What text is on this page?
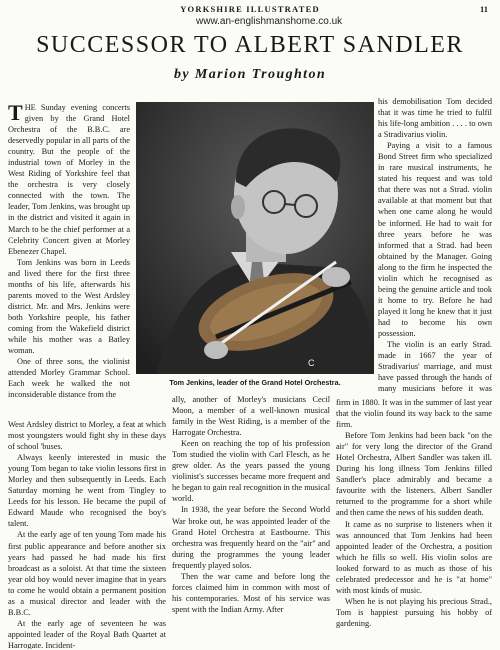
YORKSHIRE ILLUSTRATED	11
www.an-englishmanshome.co.uk
SUCCESSOR TO ALBERT SANDLER
by Marion Troughton

THE Sunday evening concerts given by the Grand Hotel Orchestra of the B.B.C. are deservedly popular in all parts of the country. But the people of the industrial town of Morley in the West Riding of Yorkshire feel that the orchestra is very closely connected with the town. The leader, Tom Jenkins, was brought up in the district and visited it again in March to be the chief performer at a Celebrity Concert given at Morley Ebenezer Chapel.

Tom Jenkins was born in Leeds and lived there for the first three months of his life, afterwards his parents moved to the West Ardsley district. Mr. and Mrs. Jenkins were both Yorkshire people, his father coming from the Wakefield district while his mother was a Batley woman.

One of three sons, the violinist attended Morley Grammar School. Each week he walked the not inconsiderable distance from the

West Ardsley district to Morley, a feat at which most youngsters would fight shy in these days of school 'buses.

Always keenly interested in music the young Tom began to take violin lessons first in Morley and then subsequently in Leeds. Each Saturday morning he went from Tingley to Leeds for his lesson. He became the pupil of Edward Maude who recognised the boy's talent.

At the early age of ten young Tom made his first public appearance and before another six years had passed he had made his first broadcast as a soloist. At that time the sixteen year old boy would never imagine that in years to come he would obtain a permanent position as a musical director and leader with the B.B.C.

At the early age of seventeen he was appointed leader of the Royal Bath Quartet at Harrogate. Incident-

C
Tom Jenkins, leader of the Grand Hotel Orchestra.

ally, another of Morley's musicians Cecil Moon, a member of a well-known musical family in the West Riding, is a member of the Harrogate Orchestra.

Keen on reaching the top of his profession Tom studied the violin with Carl Flesch, as he grew older. As the years passed the young violinist's successes became more frequent and he began to gain real recognition in the musical world.

In 1938, the year before the Second World War broke out, he was appointed leader of the Grand Hotel Orchestra at Eastbourne. This orchestra was frequently heard on the "air" and during the programmes the young leader frequently played solos.

Then the war came and before long the forces claimed him in common with most of his contemporaries. Most of his service was spent with the Indian Army. After

his demobilisation Tom decided that it was time he tried to fulfil his life-long ambition . . . . to own a Stradivarius violin.

Paying a visit to a famous Bond Street firm who specialized in rare musical instruments, he stated his request and was told that there was not a Strad. violin available at that moment but that when one came along he would be informed. He had to wait for three years before he was informed that a Strad. had been obtained by the Manager. Going along to the firm he inspected the violin which he recognised as being the genuine article and took it home to try. Before he had played it long he knew that it just had to become his own possession.

The violin is an early Strad. made in 1667 the year of Stradivarius' marriage, and must have passed through the hands of many musicians before it was

firm in 1880. It was in the summer of last year that the violin found its way back to the same firm.

Before Tom Jenkins had been back "on the air" for very long the director of the Grand Hotel Orchestra, Albert Sandler was taken ill. During his long illness Tom Jenkins filled Sandler's place admirably and became a favourite with the listeners. Albert Sandler returned to the programme for a short while and then came the news of his sudden death.

It came as no surprise to listeners when it was announced that Tom Jenkins had been appointed leader of the Orchestra, a position which he fills so well. His violin solos are looked forward to as much as those of his celebrated predecessor and he is "at home" with most kinds of music.

When he is not playing his precious Strad., Tom is happiest pursuing his hobby of gardening.
